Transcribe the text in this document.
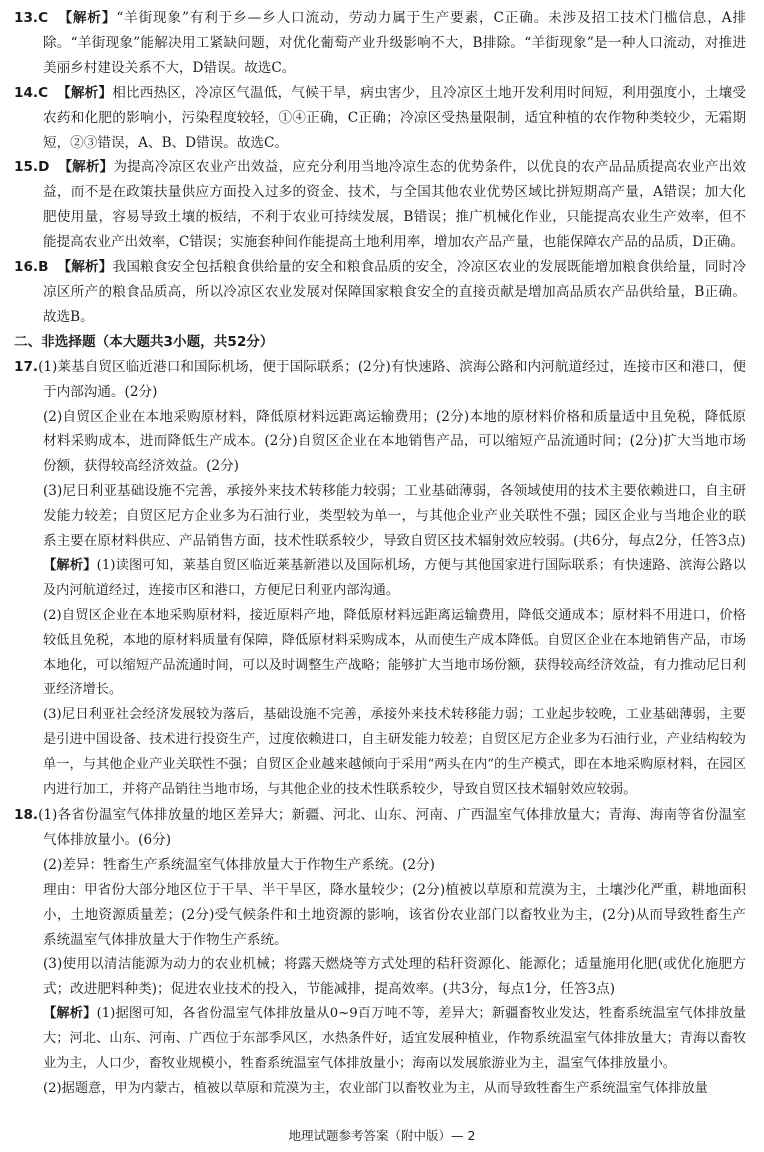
13.C 【解析】“羊街现象”有利于乡—乡人口流动，劳动力属于生产要素，C正确。未涉及招工技术门槛信息，A排除。“羊街现象”能解决用工紧缺问题，对优化葡萄产业升级影响不大，B排除。“羊街现象”是一种人口流动，对推进美丽乡村建设关系不大，D错误。故选C。

14.C 【解析】相比西热区，冷凉区气温低，气候干旱，病虫害少，且冷凉区土地开发利用时间短，利用强度小，土壤受农药和化肥的影响小，污染程度较轻，①④正确，C正确；冷凉区受热量限制，适宜种植的农作物种类较少，无霜期短，②③错误，A、B、D错误。故选C。

15.D 【解析】为提高冷凉区农业产出效益，应充分利用当地冷凉生态的优势条件，以优良的农产品品质提高农业产出效益，而不是在政策扶量供应方面投入过多的资金、技术，与全国其他农业优势区域比拼短期高产量，A错误；加大化肥使用量，容易导致土壤的板结，不利于农业可持续发展，B错误；推广机械化作业，只能提高农业生产效率，但不能提高农业产出效率，C错误；实施套种间作能提高土地利用率，增加农产品产量，也能保障农产品的品质，D正确。

16.B 【解析】我国粮食安全包括粮食供给量的安全和粮食品质的安全，冷凉区农业的发展既能增加粮食供给量，同时冷凉区所产的粮食品质高，所以冷凉区农业发展对保障国家粮食安全的直接贡献是增加高品质农产品供给量，B正确。故选B。

二、非选择题（本大题共3小题，共52分）

17.(1)莱基自贸区临近港口和国际机场，便于国际联系；(2分)有快速路、滨海公路和内河航道经过，连接市区和港口，便于内部沟通。(2分)

(2)自贸区企业在本地采购原材料，降低原材料远距离运输费用；(2分)本地的原材料价格和质量适中且免税，降低原材料采购成本，进而降低生产成本。(2分)自贸区企业在本地销售产品，可以缩短产品流通时间；(2分)扩大当地市场份额，获得较高经济效益。(2分)

(3)尼日利亚基础设施不完善，承接外来技术转移能力较弱；工业基础薄弱，各领域使用的技术主要依赖进口，自主研发能力较差；自贸区尼方企业多为石油行业，类型较为单一，与其他企业产业关联性不强；园区企业与当地企业的联系主要在原材料供应、产品销售方面，技术性联系较少，导致自贸区技术辐射效应较弱。(共6分，每点2分，任答3点)

【解析】(1)读图可知，莱基自贸区临近莱基新港以及国际机场，方便与其他国家进行国际联系；有快速路、滨海公路以及内河航道经过，连接市区和港口，方便尼日利亚内部沟通。

(2)自贸区企业在本地采购原材料，接近原料产地，降低原材料远距离运输费用，降低交通成本；原材料不用进口，价格较低且免税，本地的原材料质量有保障，降低原材料采购成本，从而使生产成本降低。自贸区企业在本地销售产品，市场本地化，可以缩短产品流通时间，可以及时调整生产战略；能够扩大当地市场份额，获得较高经济效益，有力推动尼日利亚经济增长。

(3)尼日利亚社会经济发展较为落后，基础设施不完善，承接外来技术转移能力弱；工业起步较晚，工业基础薄弱，主要是引进中国设备、技术进行投资生产，过度依赖进口，自主研发能力较差；自贸区尼方企业多为石油行业，产业结构较为单一，与其他企业产业关联性不强；自贸区企业越来越倾向于采用“两头在内”的生产模式，即在本地采购原材料，在园区内进行加工，并将产品销往当地市场，与其他企业的技术性联系较少，导致自贸区技术辐射效应较弱。

18.(1)各省份温室气体排放量的地区差异大；新疆、河北、山东、河南、广西温室气体排放量大；青海、海南等省份温室气体排放量小。(6分)

(2)差异：牲畜生产系统温室气体排放量大于作物生产系统。(2分)

理由：甲省份大部分地区位于干旱、半干旱区，降水量较少；(2分)植被以草原和荒漠为主，土壤沙化严重，耕地面积小，土地资源质量差；(2分)受气候条件和土地资源的影响，该省份农业部门以畜牧业为主，(2分)从而导致牲畜生产系统温室气体排放量大于作物生产系统。

(3)使用以清洁能源为动力的农业机械；将露天燃烧等方式处理的秸秆资源化、能源化；适量施用化肥(或优化施肥方式；改进肥料种类)；促进农业技术的投入，节能减排，提高效率。(共3分，每点1分，任答3点)

【解析】(1)据图可知，各省份温室气体排放量从0~9百万吨不等，差异大；新疆畜牧业发达，牲畜系统温室气体排放量大；河北、山东、河南、广西位于东部季风区，水热条件好，适宜发展种植业，作物系统温室气体排放量大；青海以畜牧业为主，人口少，畜牧业规模小，牲畜系统温室气体排放量小；海南以发展旅游业为主，温室气体排放量小。

(2)据题意，甲为内蒙古，植被以草原和荒漠为主，农业部门以畜牧业为主，从而导致牲畜生产系统温室气体排放量

地理试题参考答案（附中版）— 2
